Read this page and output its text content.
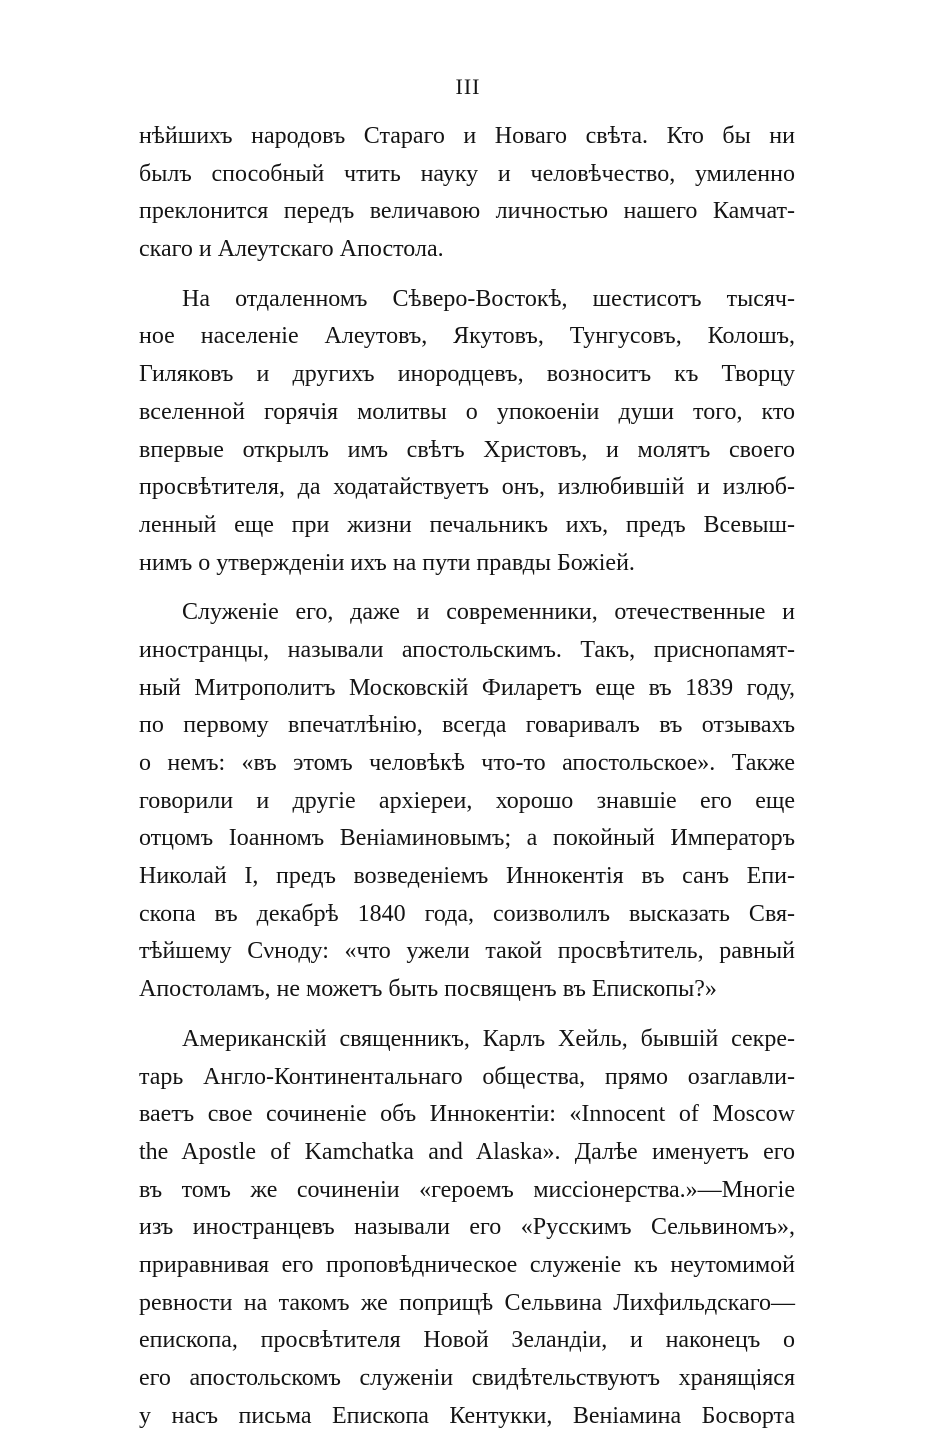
III
нѣйшихъ народовъ Стараго и Новаго свѣта. Кто бы ни
былъ способный чтить науку и человѣчество, умиленно
преклонится передъ величавою личностью нашего Камчат-
скаго и Алеутскаго Апостола.
На отдаленномъ Сѣверо-Востокѣ, шестисотъ тысяч-
ное населеніе Алеутовъ, Якутовъ, Тунгусовъ, Колошъ,
Гиляковъ и другихъ инородцевъ, возноситъ къ Творцу
вселенной горячія молитвы о упокоеніи души того, кто
впервые открылъ имъ свѣтъ Христовъ, и молятъ своего
просвѣтителя, да ходатайствуетъ онъ, излюбившій и излюб-
ленный еще при жизни печальникъ ихъ, предъ Всевыш-
нимъ о утвержденіи ихъ на пути правды Божіей.
Служеніе его, даже и современники, отечественные и
иностранцы, называли апостольскимъ. Такъ, приснопамят-
ный Митрополитъ Московскій Филаретъ еще въ 1839 году,
по первому впечатлѣнію, всегда говаривалъ въ отзывахъ
о немъ: «въ этомъ человѣкѣ что-то апостольское». Также
говорили и другіе архіереи, хорошо знавшіе его еще
отцомъ Іоанномъ Веніаминовымъ; а покойный Императоръ
Николай I, предъ возведеніемъ Иннокентія въ санъ Епи-
скопа въ декабрѣ 1840 года, соизволилъ высказать Свя-
тѣйшему Сνноду: «что ужели такой просвѣтитель, равный
Апостоламъ, не можетъ быть посвященъ въ Епископы?»
Американскій священникъ, Карлъ Хейль, бывшій секре-
тарь Англо-Континентальнаго общества, прямо озаглавли-
ваетъ свое сочиненіе объ Иннокентіи: «Innocent of Moscow
the Apostle of Kamchatka and Alaska». Далѣе именуетъ его
въ томъ же сочиненіи «героемъ миссіонерства.»—Многіе
изъ иностранцевъ называли его «Русскимъ Сельвиномъ»,
приравнивая его проповѣдническое служеніе къ неутомимой
ревности на такомъ же поприщѣ Сельвина Лихфильдскаго—
епископа, просвѣтителя Новой Зеландіи, и наконецъ о
его апостольскомъ служеніи свидѣтельствуютъ хранящіяся
у насъ письма Епископа Кентукки, Веніамина Босворта
